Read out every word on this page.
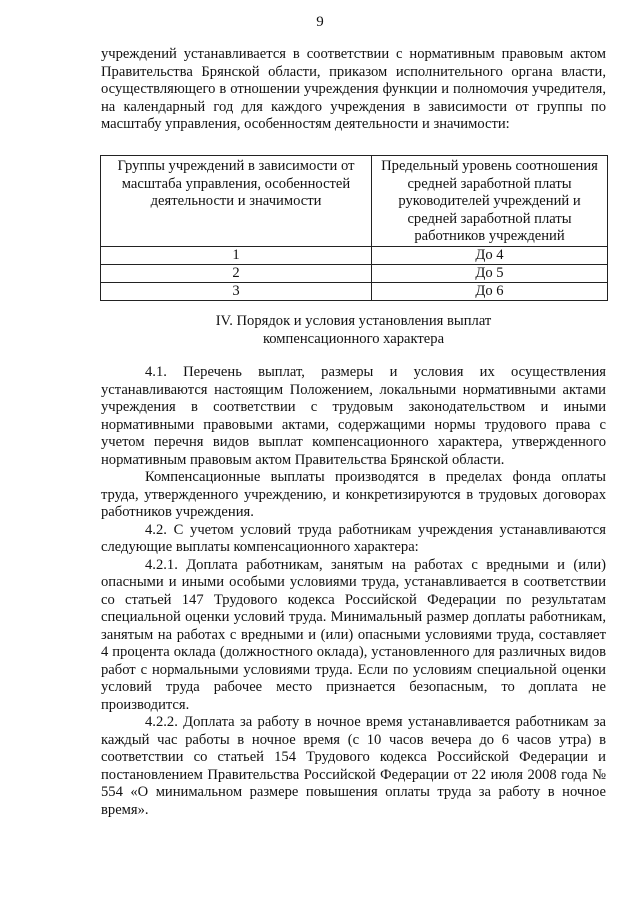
9

учреждений устанавливается в соответствии с нормативным правовым актом Правительства Брянской области, приказом исполнительного органа власти, осуществляющего в отношении учреждения функции и полномочия учредителя, на календарный год для каждого учреждения в зависимости от группы по масштабу управления, особенностям деятельности и значимости:

Группы учреждений в зависимости от масштаба управления, особенностей деятельности и значимости	Предельный уровень соотношения средней заработной платы руководителей учреждений и средней заработной платы работников учреждений
1	До 4
2	До 5
3	До 6
IV. Порядок и условия установления выплат
компенсационного характера

4.1. Перечень выплат, размеры и условия их осуществления устанавливаются настоящим Положением, локальными нормативными актами учреждения в соответствии с трудовым законодательством и иными нормативными правовыми актами, содержащими нормы трудового права с учетом перечня видов выплат компенсационного характера, утвержденного нормативным правовым актом Правительства Брянской области.

Компенсационные выплаты производятся в пределах фонда оплаты труда, утвержденного учреждению, и конкретизируются в трудовых договорах работников учреждения.

4.2. С учетом условий труда работникам учреждения устанавливаются следующие выплаты компенсационного характера:

4.2.1. Доплата работникам, занятым на работах с вредными и (или) опасными и иными особыми условиями труда, устанавливается в соответствии со статьей 147 Трудового кодекса Российской Федерации по результатам специальной оценки условий труда. Минимальный размер доплаты работникам, занятым на работах с вредными и (или) опасными условиями труда, составляет 4 процента оклада (должностного оклада), установленного для различных видов работ с нормальными условиями труда. Если по условиям специальной оценки условий труда рабочее место признается безопасным, то доплата не производится.

4.2.2. Доплата за работу в ночное время устанавливается работникам за каждый час работы в ночное время (с 10 часов вечера до 6 часов утра) в соответствии со статьей 154 Трудового кодекса Российской Федерации и постановлением Правительства Российской Федерации от 22 июля 2008 года № 554 «О минимальном размере повышения оплаты труда за работу в ночное время».
